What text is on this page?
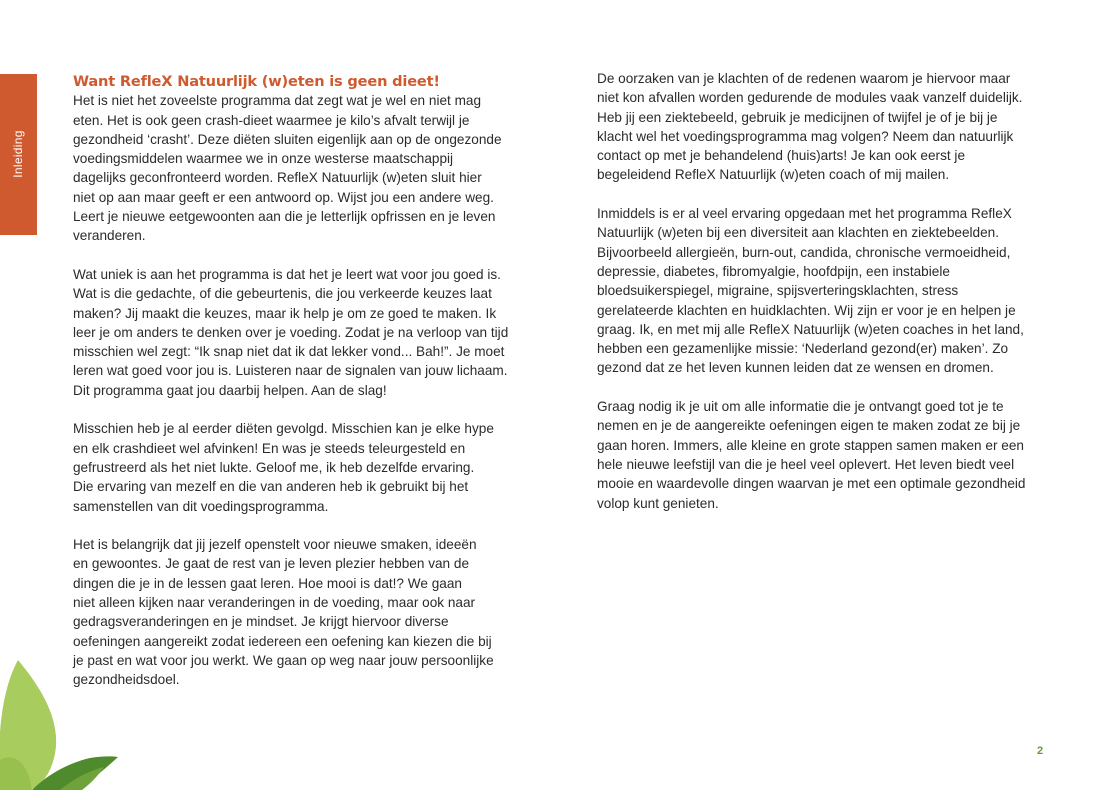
Inleiding
Want RefleX Natuurlijk (w)eten is geen dieet!

Het is niet het zoveelste programma dat zegt wat je wel en niet mag
eten. Het is ook geen crash-dieet waarmee je kilo’s afvalt terwijl je
gezondheid ‘crasht’. Deze diëten sluiten eigenlijk aan op de ongezonde
voedingsmiddelen waarmee we in onze westerse maatschappij
dagelijks geconfronteerd worden. RefleX Natuurlijk (w)eten sluit hier
niet op aan maar geeft er een antwoord op. Wijst jou een andere weg.
Leert je nieuwe eetgewoonten aan die je letterlijk opfrissen en je leven
veranderen.

Wat uniek is aan het programma is dat het je leert wat voor jou goed is.
Wat is die gedachte, of die gebeurtenis, die jou verkeerde keuzes laat
maken? Jij maakt die keuzes, maar ik help je om ze goed te maken. Ik
leer je om anders te denken over je voeding. Zodat je na verloop van tijd
misschien wel zegt: “Ik snap niet dat ik dat lekker vond... Bah!”. Je moet
leren wat goed voor jou is. Luisteren naar de signalen van jouw lichaam.
Dit programma gaat jou daarbij helpen. Aan de slag!

Misschien heb je al eerder diëten gevolgd. Misschien kan je elke hype
en elk crashdieet wel afvinken! En was je steeds teleurgesteld en
gefrustreerd als het niet lukte. Geloof me, ik heb dezelfde ervaring.
Die ervaring van mezelf en die van anderen heb ik gebruikt bij het
samenstellen van dit voedingsprogramma.

Het is belangrijk dat jij jezelf openstelt voor nieuwe smaken, ideeën
en gewoontes. Je gaat de rest van je leven plezier hebben van de
dingen die je in de lessen gaat leren. Hoe mooi is dat!? We gaan
niet alleen kijken naar veranderingen in de voeding, maar ook naar
gedragsveranderingen en je mindset. Je krijgt hiervoor diverse
oefeningen aangereikt zodat iedereen een oefening kan kiezen die bij
je past en wat voor jou werkt. We gaan op weg naar jouw persoonlijke
gezondheidsdoel.

De oorzaken van je klachten of de redenen waarom je hiervoor maar
niet kon afvallen worden gedurende de modules vaak vanzelf duidelijk.
Heb jij een ziektebeeld, gebruik je medicijnen of twijfel je of je bij je
klacht wel het voedingsprogramma mag volgen? Neem dan natuurlijk
contact op met je behandelend (huis)arts! Je kan ook eerst je
begeleidend RefleX Natuurlijk (w)eten coach of mij mailen.

Inmiddels is er al veel ervaring opgedaan met het programma RefleX
Natuurlijk (w)eten bij een diversiteit aan klachten en ziektebeelden.
Bijvoorbeeld allergieën, burn-out, candida, chronische vermoeidheid,
depressie, diabetes, fibromyalgie, hoofdpijn, een instabiele
bloedsuikerspiegel, migraine, spijsverteringsklachten, stress
gerelateerde klachten en huidklachten. Wij zijn er voor je en helpen je
graag. Ik, en met mij alle RefleX Natuurlijk (w)eten coaches in het land,
hebben een gezamenlijke missie: ‘Nederland gezond(er) maken’. Zo
gezond dat ze het leven kunnen leiden dat ze wensen en dromen.

Graag nodig ik je uit om alle informatie die je ontvangt goed tot je te
nemen en je de aangereikte oefeningen eigen te maken zodat ze bij je
gaan horen. Immers, alle kleine en grote stappen samen maken er een
hele nieuwe leefstijl van die je heel veel oplevert. Het leven biedt veel
mooie en waardevolle dingen waarvan je met een optimale gezondheid
volop kunt genieten.

2
